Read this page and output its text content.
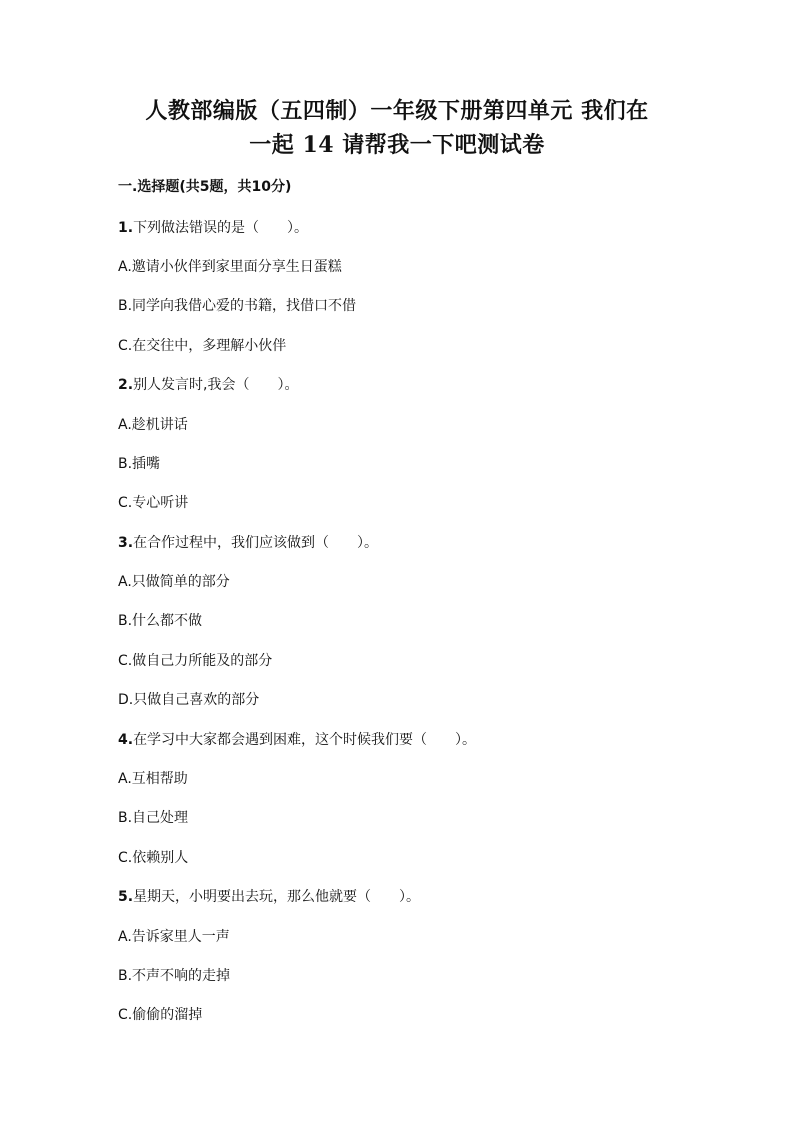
人教部编版（五四制）一年级下册第四单元 我们在
一起 14 请帮我一下吧测试卷
一.选择题(共5题，共10分)
1.下列做法错误的是（　　）。
A.邀请小伙伴到家里面分享生日蛋糕
B.同学向我借心爱的书籍，找借口不借
C.在交往中，多理解小伙伴
2.别人发言时,我会（　　）。
A.趁机讲话
B.插嘴
C.专心听讲
3.在合作过程中，我们应该做到（　　）。
A.只做简单的部分
B.什么都不做
C.做自己力所能及的部分
D.只做自己喜欢的部分
4.在学习中大家都会遇到困难，这个时候我们要（　　）。
A.互相帮助
B.自己处理
C.依赖别人
5.星期天，小明要出去玩，那么他就要（　　）。
A.告诉家里人一声
B.不声不响的走掉
C.偷偷的溜掉
